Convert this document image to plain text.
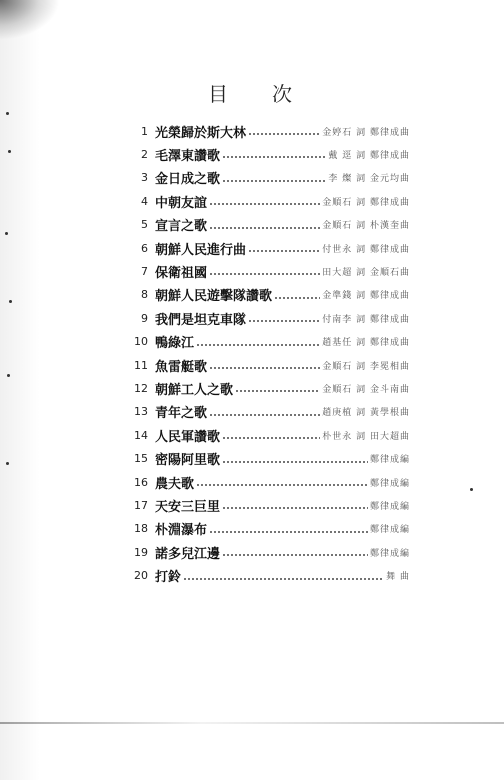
目 次
1 光榮歸於斯大林	金婷石 詞 鄭律成曲
2 毛澤東讚歌	戴 逕 詞 鄭律成曲
3 金日成之歌	李 燦 詞 金元均曲
4 中朝友誼	金順石 詞 鄭律成曲
5 宣言之歌	金順石 詞 朴漢奎曲
6 朝鮮人民進行曲	付世永 詞 鄭律成曲
7 保衛祖國	田大超 詞 金順石曲
8 朝鮮人民遊擊隊讚歌	金準錢 詞 鄭律成曲
9 我們是坦克車隊	付南李 詞 鄭律成曲
10 鴨綠江	趙基任 詞 鄭律成曲
11 魚雷艇歌	金順石 詞 李冕相曲
12 朝鮮工人之歌	金順石 詞 金斗南曲
13 青年之歌	趙庚植 詞 黃學根曲
14 人民軍讚歌	朴世永 詞 田大超曲
15 密陽阿里歌	鄭律成編
16 農夫歌	鄭律成編
17 天安三巨里	鄭律成編
18 朴淵瀑布	鄭律成編
19 諾多兒江邊	鄭律成編
20 打鈴	舞 曲
